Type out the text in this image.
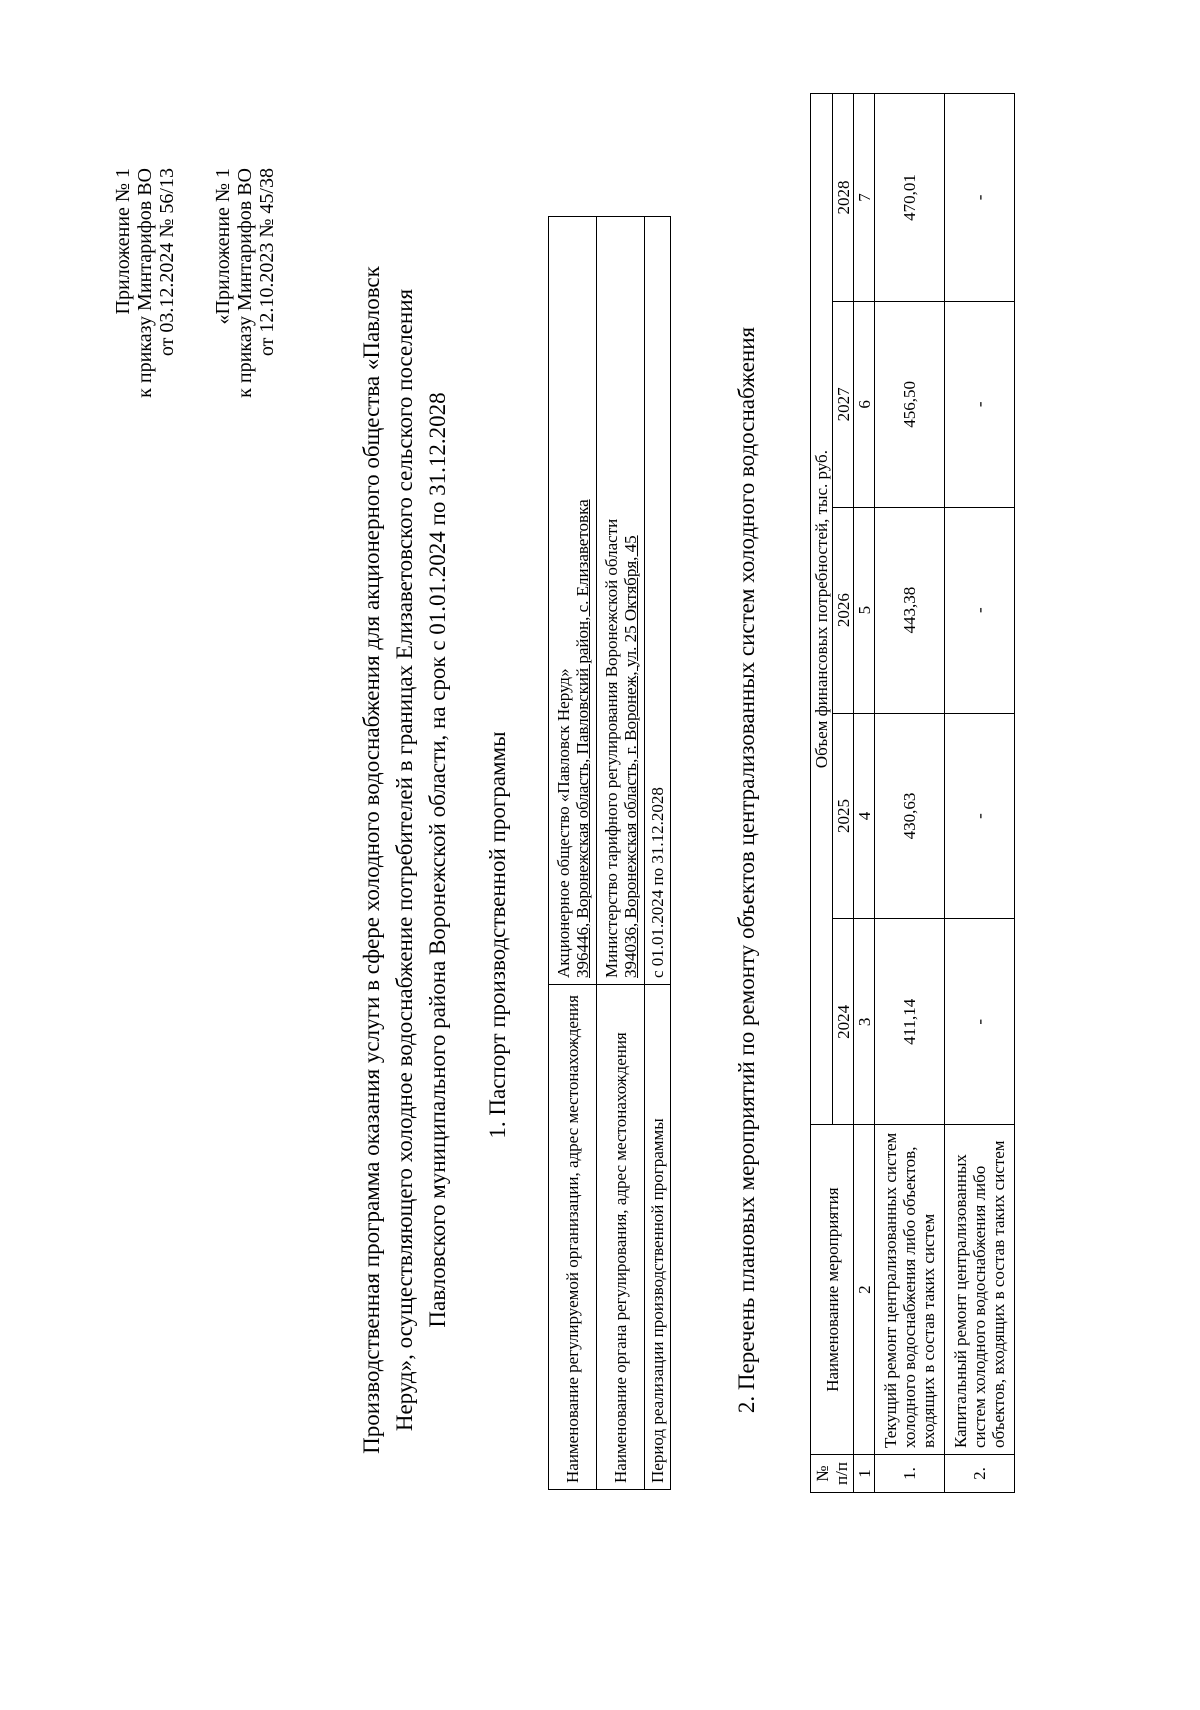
Приложение № 1 к приказу Минтарифов ВО от 03.12.2024 № 56/13 «Приложение № 1 к приказу Минтарифов ВО от 12.10.2023 № 45/38
Производственная программа оказания услуги в сфере холодного водоснабжения для акционерного общества «Павловск Неруд», осуществляющего холодное водоснабжение потребителей в границах Елизаветовского сельского поселения Павловского муниципального района Воронежской области, на срок с 01.01.2024 по 31.12.2028 1. Паспорт производственной программы
Наименование регулируемой организации, адрес местонахождения	Акционерное общество «Павловск Неруд» 396446, Воронежская область, Павловский район, с. Елизаветовка

Наименование органа регулирования, адрес местонахождения	Министерство тарифного регулирования Воронежской области 394036, Воронежская область, г. Воронеж, ул. 25 Октября, 45

Период реализации производственной программы	с 01.01.2024 по 31.12.2028	2. Перечень плановых мероприятий по ремонту объектов централизованных систем холодного водоснабжения
№ п/п	Наименование мероприятия	Объем финансовых потребностей, тыс. руб.				
		2024	2025	2026	2027	2028
1	2	3	4	5	6	7
1.	Текущий ремонт централизованных систем холодного водоснабжения либо объектов, входящих в состав таких систем	411,14	430,63	443,38	456,50	470,01
2.	Капитальный ремонт централизованных систем холодного водоснабжения либо объектов, входящих в состав таких систем	-	-	-	-	-
